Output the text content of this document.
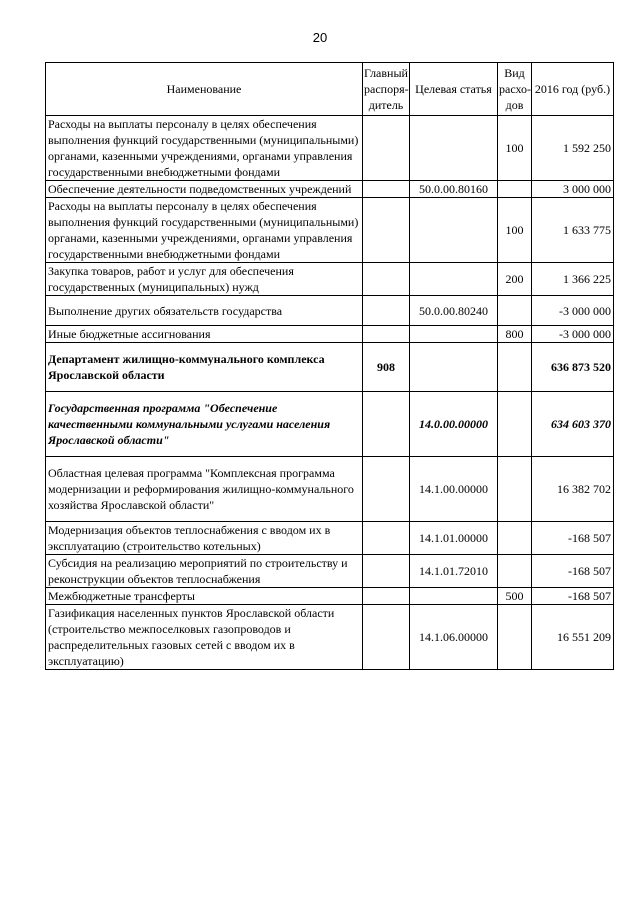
20
Наименование	Главный распоря-дитель	Целевая статья	Вид расхо-дов	2016 год (руб.)
Расходы на выплаты персоналу в целях обеспечения выполнения функций государственными (муниципальными) органами, казенными учреждениями, органами управления государственными внебюджетными фондами			100	1 592 250
Обеспечение деятельности подведомственных учреждений		50.0.00.80160		3 000 000
Расходы на выплаты персоналу в целях обеспечения выполнения функций государственными (муниципальными) органами, казенными учреждениями, органами управления государственными внебюджетными фондами			100	1 633 775
Закупка товаров, работ и услуг для обеспечения государственных (муниципальных) нужд			200	1 366 225
Выполнение других обязательств государства		50.0.00.80240		-3 000 000
Иные бюджетные ассигнования			800	-3 000 000
Департамент жилищно-коммунального комплекса Ярославской области	908			636 873 520
Государственная программа "Обеспечение качественными коммунальными услугами населения Ярославской области"		14.0.00.00000		634 603 370
Областная целевая программа "Комплексная программа модернизации и реформирования жилищно-коммунального хозяйства Ярославской области"		14.1.00.00000		16 382 702
Модернизация объектов теплоснабжения с вводом их в эксплуатацию (строительство котельных)		14.1.01.00000		-168 507
Субсидия на реализацию мероприятий по строительству и реконструкции объектов теплоснабжения		14.1.01.72010		-168 507
Межбюджетные трансферты			500	-168 507
Газификация населенных пунктов Ярославской области (строительство межпоселковых газопроводов и распределительных газовых сетей с вводом их в эксплуатацию)		14.1.06.00000		16 551 209
